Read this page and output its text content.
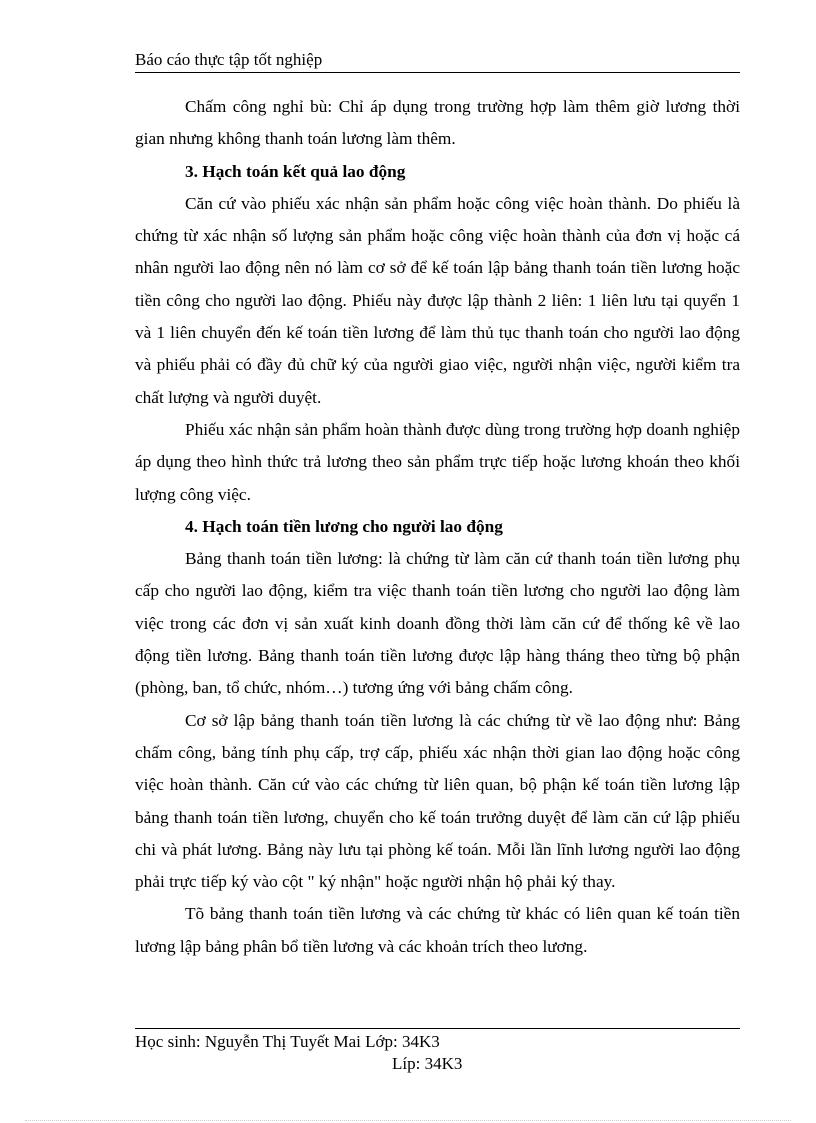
Báo cáo thực tập tốt nghiệp

Chấm công nghỉ bù: Chỉ áp dụng trong trường hợp làm thêm giờ lương thời gian nhưng không thanh toán lương làm thêm.

3. Hạch toán kết quả lao động

Căn cứ vào phiếu xác nhận sản phẩm hoặc công việc hoàn thành. Do phiếu là chứng từ xác nhận số lượng sản phẩm hoặc công việc hoàn thành của đơn vị hoặc cá nhân người lao động nên nó làm cơ sở để kế toán lập bảng thanh toán tiền lương hoặc tiền công cho người lao động. Phiếu này được lập thành 2 liên: 1 liên lưu tại quyển 1 và 1 liên chuyển đến kế toán tiền lương để làm thủ tục thanh toán cho người lao động và phiếu phải có đầy đủ chữ ký của người giao việc, người nhận việc, người kiểm tra chất lượng và người duyệt.

Phiếu xác nhận sản phẩm hoàn thành được dùng trong trường hợp doanh nghiệp áp dụng theo hình thức trả lương theo sản phẩm trực tiếp hoặc lương khoán theo khối lượng công việc.

4. Hạch toán tiền lương cho người lao động

Bảng thanh toán tiền lương: là chứng từ làm căn cứ thanh toán tiền lương phụ cấp cho người lao động, kiểm tra việc thanh toán tiền lương cho người lao động làm việc trong các đơn vị sản xuất kinh doanh đồng thời làm căn cứ để thống kê về lao động tiền lương. Bảng thanh toán tiền lương được lập hàng tháng theo từng bộ phận (phòng, ban, tổ chức, nhóm…) tương ứng với bảng chấm công.

Cơ sở lập bảng thanh toán tiền lương là các chứng từ về lao động như: Bảng chấm công, bảng tính phụ cấp, trợ cấp, phiếu xác nhận thời gian lao động hoặc công việc hoàn thành. Căn cứ vào các chứng từ liên quan, bộ phận kế toán tiền lương lập bảng thanh toán tiền lương, chuyển cho kế toán trưởng duyệt để làm căn cứ lập phiếu chi và phát lương. Bảng này lưu tại phòng kế toán. Mỗi lần lĩnh lương người lao động phải trực tiếp ký vào cột " ký nhận" hoặc người nhận hộ phải ký thay.

Tõ bảng thanh toán tiền lương và các chứng từ khác có liên quan kế toán tiền lương lập bảng phân bổ tiền lương và các khoản trích theo lương.

Học sinh: Nguyễn Thị Tuyết Mai Lớp: 34K3
Líp: 34K3
